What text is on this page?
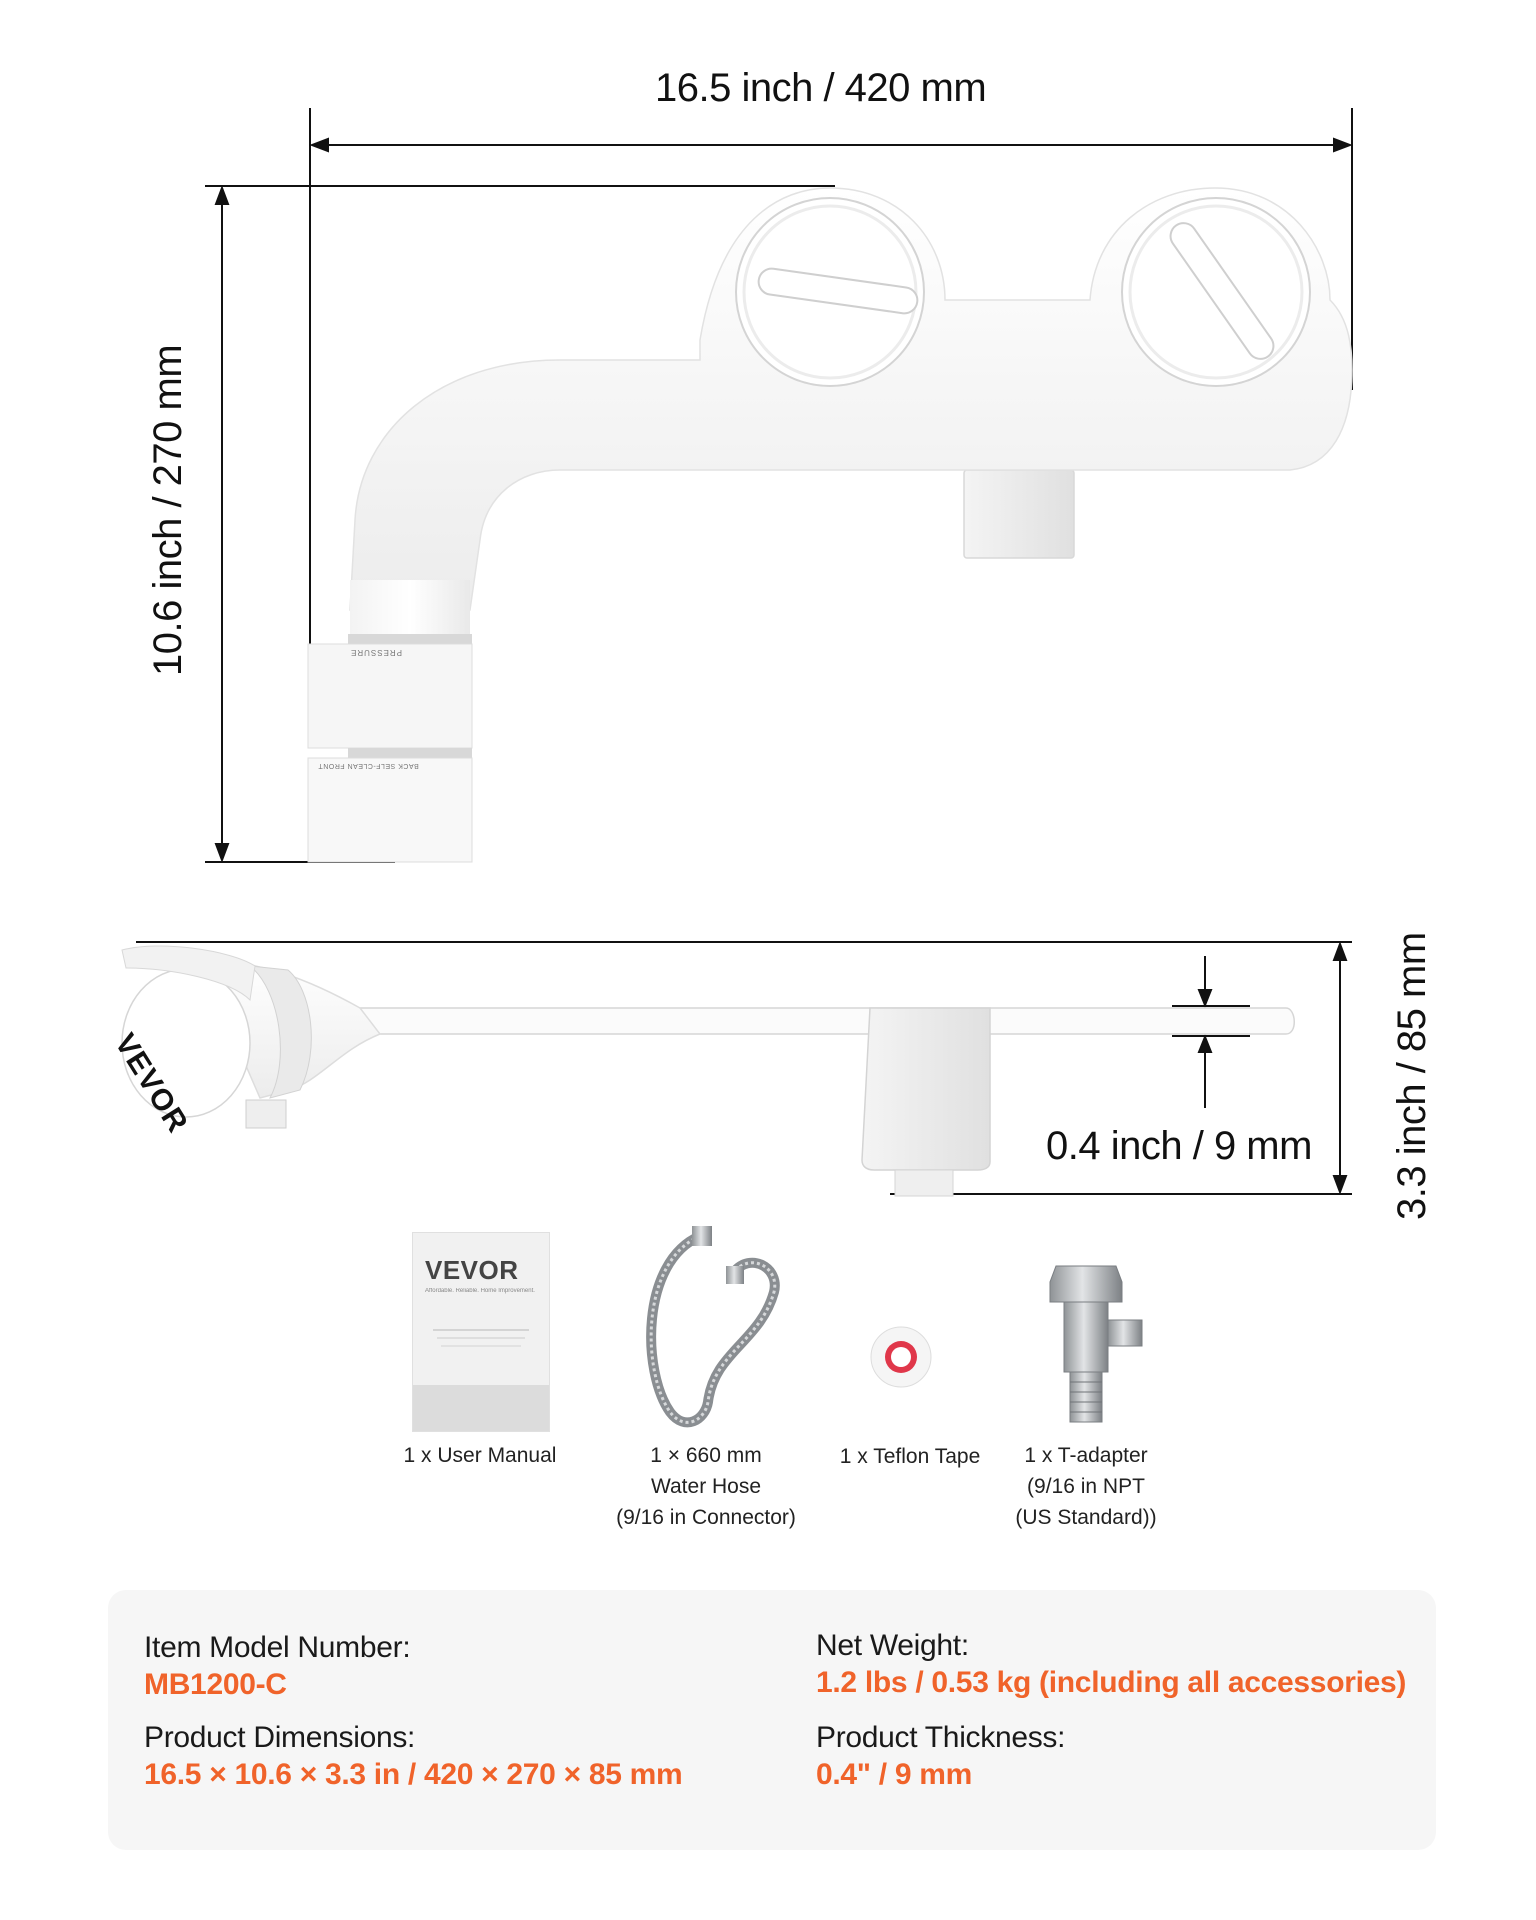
PRESSURE
BACK SELF-CLEAN FRONT
16.5 inch / 420 mm
10.6 inch / 270 mm
VEVOR
0.4 inch / 9 mm 3.3 inch / 85 mm
VEVOR
Affordable. Reliable. Home Improvement.
1 x User Manual	1 × 660 mm
Water Hose
(9/16 in Connector)
1 x Teflon Tape	1 x T-adapter
(9/16 in NPT
(US Standard))
Item Model Number:
MB1200-C
Product Dimensions:
16.5 × 10.6 × 3.3 in / 420 × 270 × 85 mm
Net Weight:
1.2 lbs / 0.53 kg (including all accessories)
Product Thickness:
0.4" / 9 mm
